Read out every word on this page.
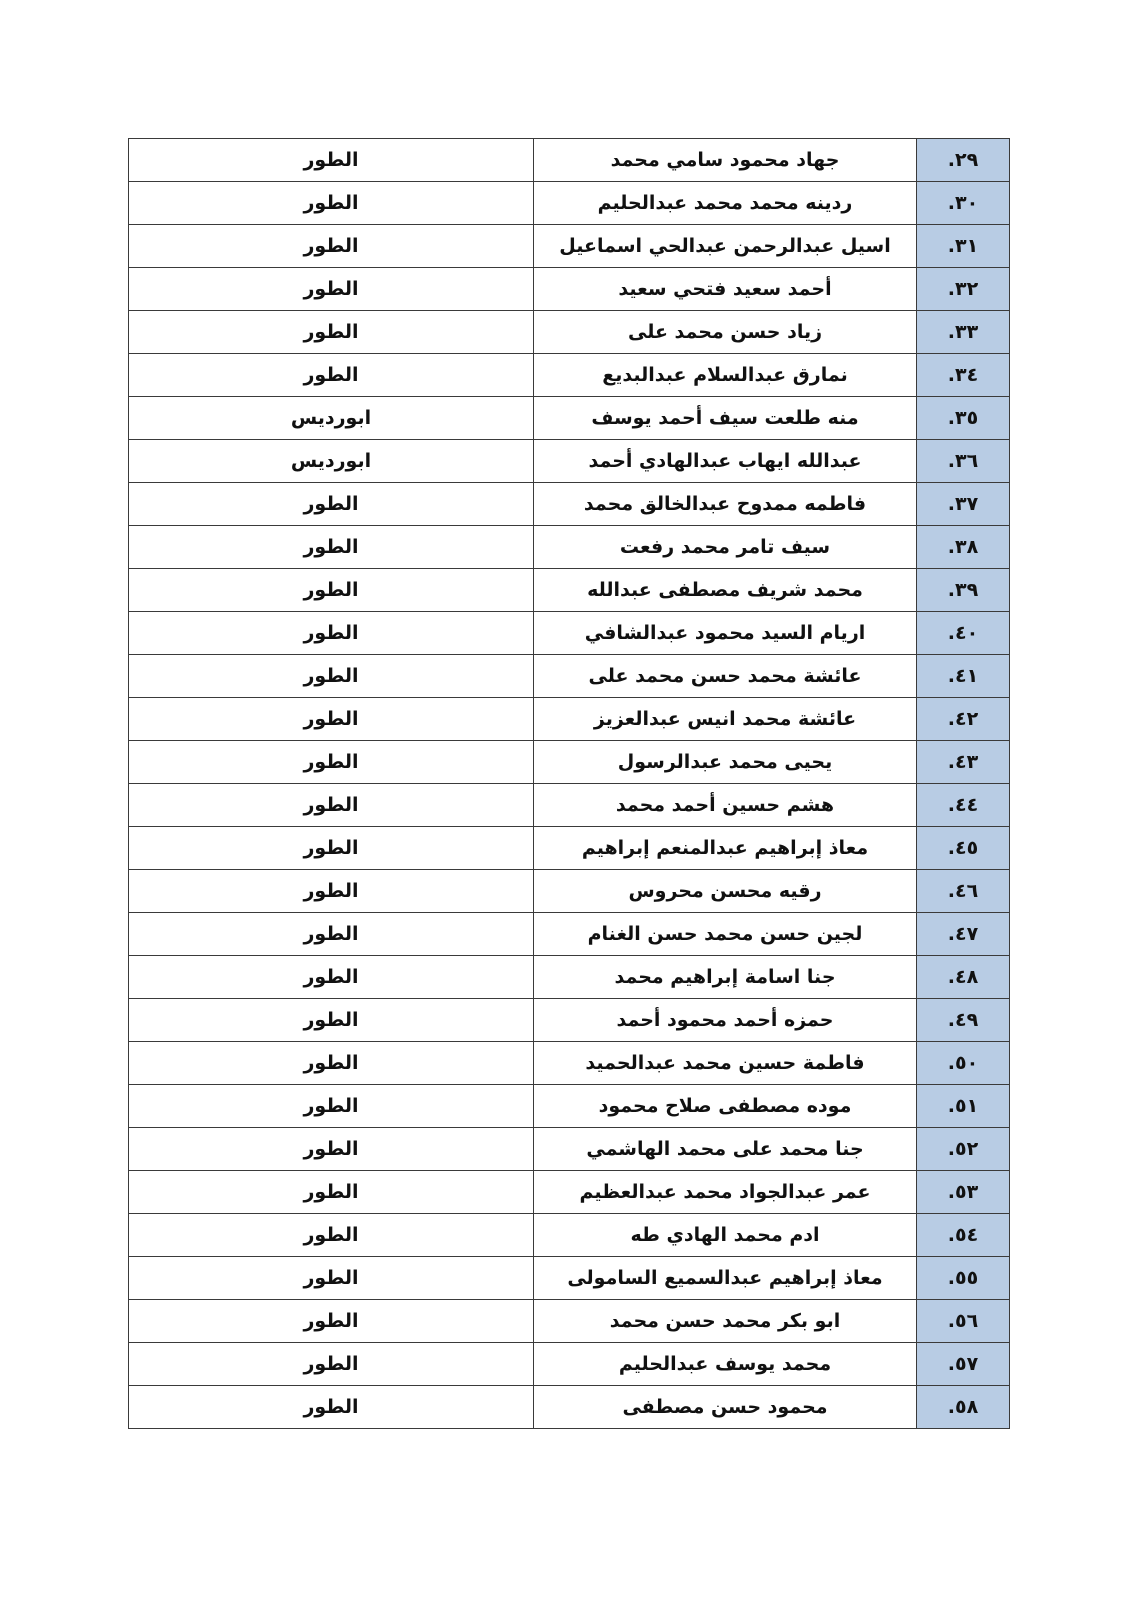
الطور	جهاد محمود سامي محمد	٢٩.
الطور	ردينه محمد محمد عبدالحليم	٣٠.
الطور	اسيل عبدالرحمن عبدالحي اسماعيل	٣١.
الطور	أحمد سعيد فتحي سعيد	٣٢.
الطور	زياد حسن محمد على	٣٣.
الطور	نمارق عبدالسلام عبدالبديع	٣٤.
ابورديس	منه طلعت سيف أحمد يوسف	٣٥.
ابورديس	عبدالله ايهاب عبدالهادي أحمد	٣٦.
الطور	فاطمه ممدوح عبدالخالق محمد	٣٧.
الطور	سيف تامر محمد رفعت	٣٨.
الطور	محمد شريف مصطفى عبدالله	٣٩.
الطور	اريام السيد محمود عبدالشافي	٤٠.
الطور	عائشة محمد حسن محمد على	٤١.
الطور	عائشة محمد انيس عبدالعزيز	٤٢.
الطور	يحيى محمد عبدالرسول	٤٣.
الطور	هشم حسين أحمد محمد	٤٤.
الطور	معاذ إبراهيم عبدالمنعم إبراهيم	٤٥.
الطور	رقيه محسن محروس	٤٦.
الطور	لجين حسن محمد حسن الغنام	٤٧.
الطور	جنا اسامة إبراهيم محمد	٤٨.
الطور	حمزه أحمد محمود أحمد	٤٩.
الطور	فاطمة حسين محمد عبدالحميد	٥٠.
الطور	موده مصطفى صلاح محمود	٥١.
الطور	جنا محمد على محمد الهاشمي	٥٢.
الطور	عمر عبدالجواد محمد عبدالعظيم	٥٣.
الطور	ادم محمد الهادي طه	٥٤.
الطور	معاذ إبراهيم عبدالسميع السامولى	٥٥.
الطور	ابو بكر محمد حسن محمد	٥٦.
الطور	محمد يوسف عبدالحليم	٥٧.
الطور	محمود حسن مصطفى	٥٨.
